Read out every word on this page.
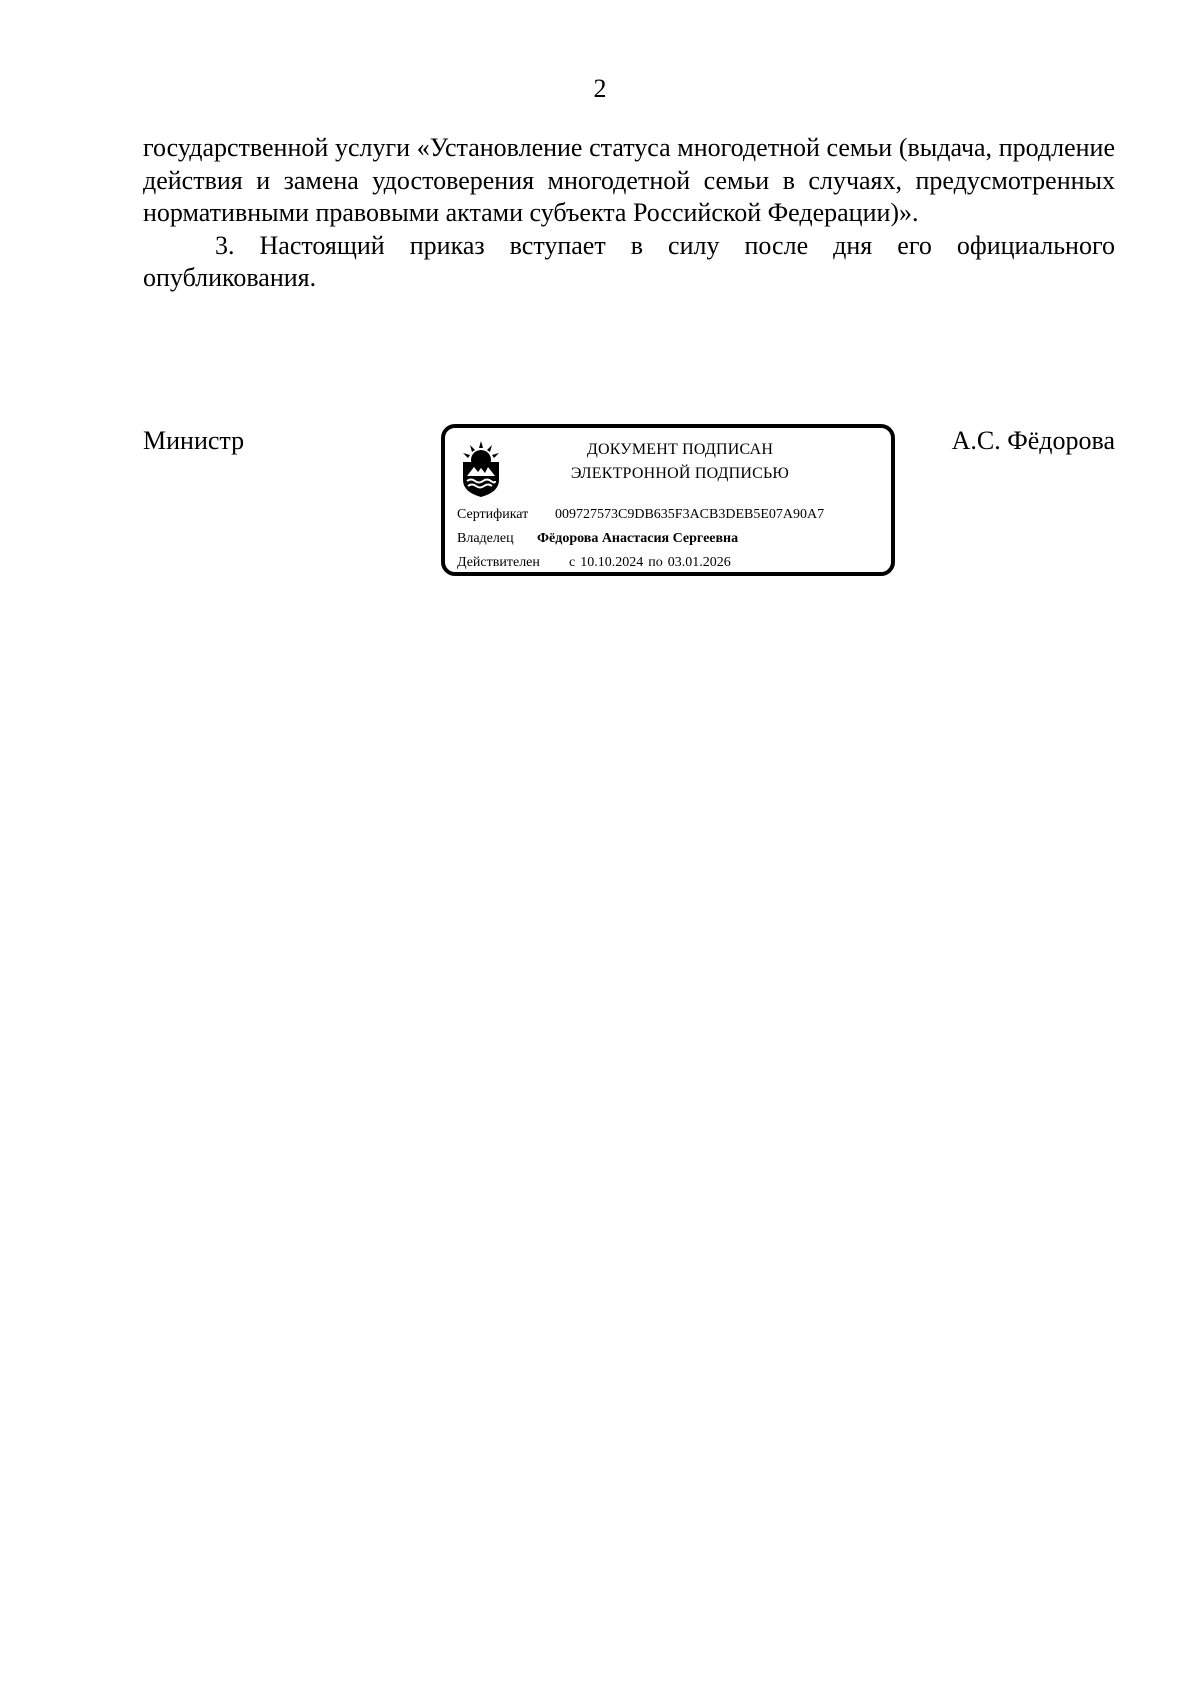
2

государственной услуги «Установление статуса многодетной семьи (выдача, продление действия и замена удостоверения многодетной семьи в случаях, предусмотренных нормативными правовыми актами субъекта Российской Федерации)».

3. Настоящий приказ вступает в силу после дня его официального опубликования.

Министр	ДОКУМЕНТ ПОДПИСАН
ЭЛЕКТРОННОЙ ПОДПИСЬЮ
Сертификат 009727573C9DB635F3ACB3DEB5E07A90A7
Владелец Фёдорова Анастасия Сергеевна
Действителен с 10.10.2024 по 03.01.2026
А.С. Фёдорова
